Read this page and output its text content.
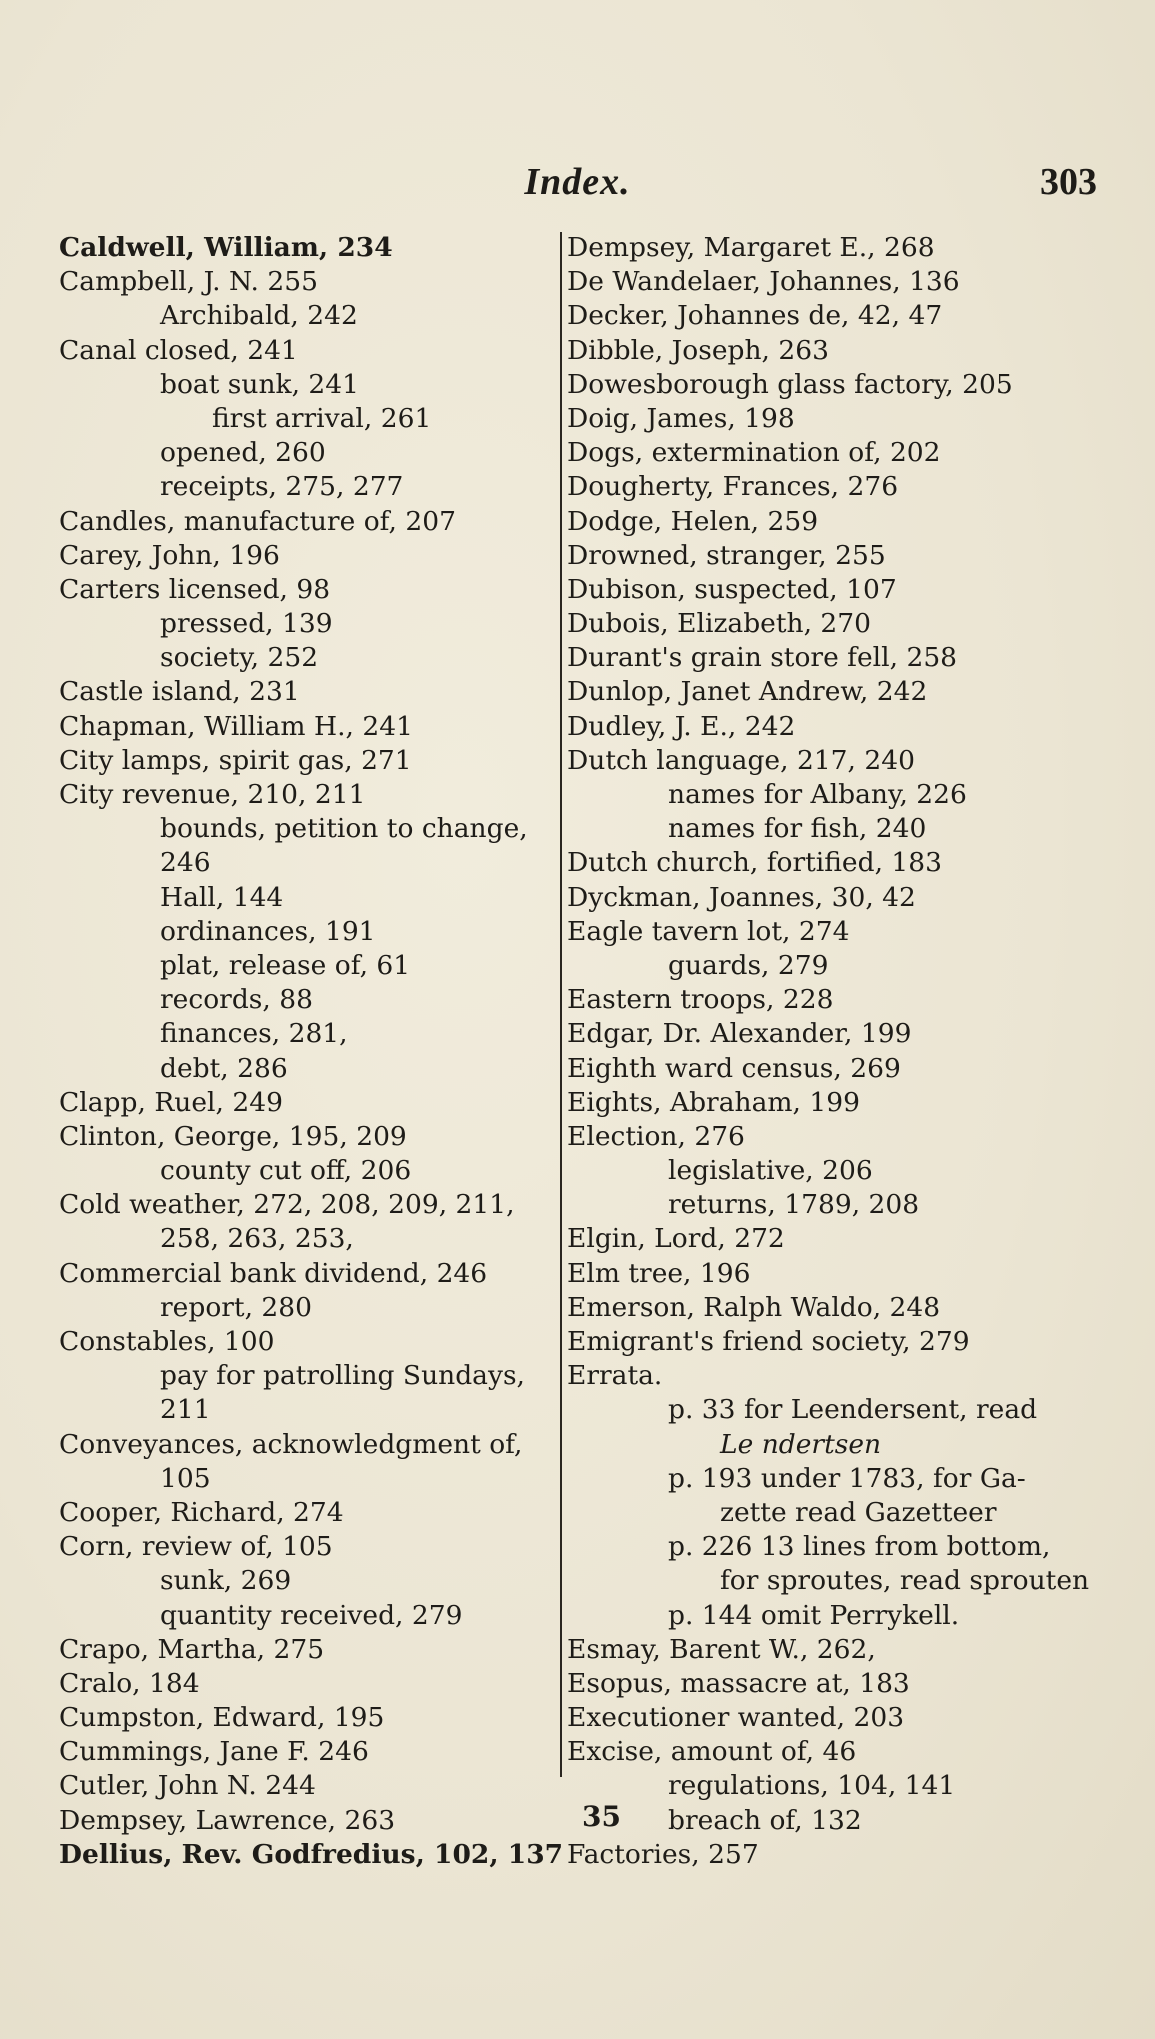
Index.	303
Caldwell, William, 234
Campbell, J. N. 255
Archibald, 242
Canal closed, 241
boat sunk, 241
first arrival, 261
opened, 260
receipts, 275, 277
Candles, manufacture of, 207
Carey, John, 196
Carters licensed, 98
pressed, 139
society, 252
Castle island, 231
Chapman, William H., 241
City lamps, spirit gas, 271
City revenue, 210, 211
bounds, petition to change,
246
Hall, 144
ordinances, 191
plat, release of, 61
records, 88
finances, 281,
debt, 286
Clapp, Ruel, 249
Clinton, George, 195, 209
county cut off, 206
Cold weather, 272, 208, 209, 211,
258, 263, 253,
Commercial bank dividend, 246
report, 280
Constables, 100
pay for patrolling Sundays,
211
Conveyances, acknowledgment of,
105
Cooper, Richard, 274
Corn, review of, 105
sunk, 269
quantity received, 279
Crapo, Martha, 275
Cralo, 184
Cumpston, Edward, 195
Cummings, Jane F. 246
Cutler, John N. 244
Dempsey, Lawrence, 263
Dellius, Rev. Godfredius, 102, 137
Dempsey, Margaret E., 268
De Wandelaer, Johannes, 136
Decker, Johannes de, 42, 47
Dibble, Joseph, 263
Dowesborough glass factory, 205
Doig, James, 198
Dogs, extermination of, 202
Dougherty, Frances, 276
Dodge, Helen, 259
Drowned, stranger, 255
Dubison, suspected, 107
Dubois, Elizabeth, 270
Durant's grain store fell, 258
Dunlop, Janet Andrew, 242
Dudley, J. E., 242
Dutch language, 217, 240
names for Albany, 226
names for fish, 240
Dutch church, fortified, 183
Dyckman, Joannes, 30, 42
Eagle tavern lot, 274
guards, 279
Eastern troops, 228
Edgar, Dr. Alexander, 199
Eighth ward census, 269
Eights, Abraham, 199
Election, 276
legislative, 206
returns, 1789, 208
Elgin, Lord, 272
Elm tree, 196
Emerson, Ralph Waldo, 248
Emigrant's friend society, 279
Errata.
p. 33 for Leendersent, read
Le ndertsen
p. 193 under 1783, for Ga-
zette read Gazetteer
p. 226 13 lines from bottom,
for sproutes, read sprouten
p. 144 omit Perrykell.
Esmay, Barent W., 262,
Esopus, massacre at, 183
Executioner wanted, 203
Excise, amount of, 46
regulations, 104, 141
breach of, 132
Factories, 257
35
